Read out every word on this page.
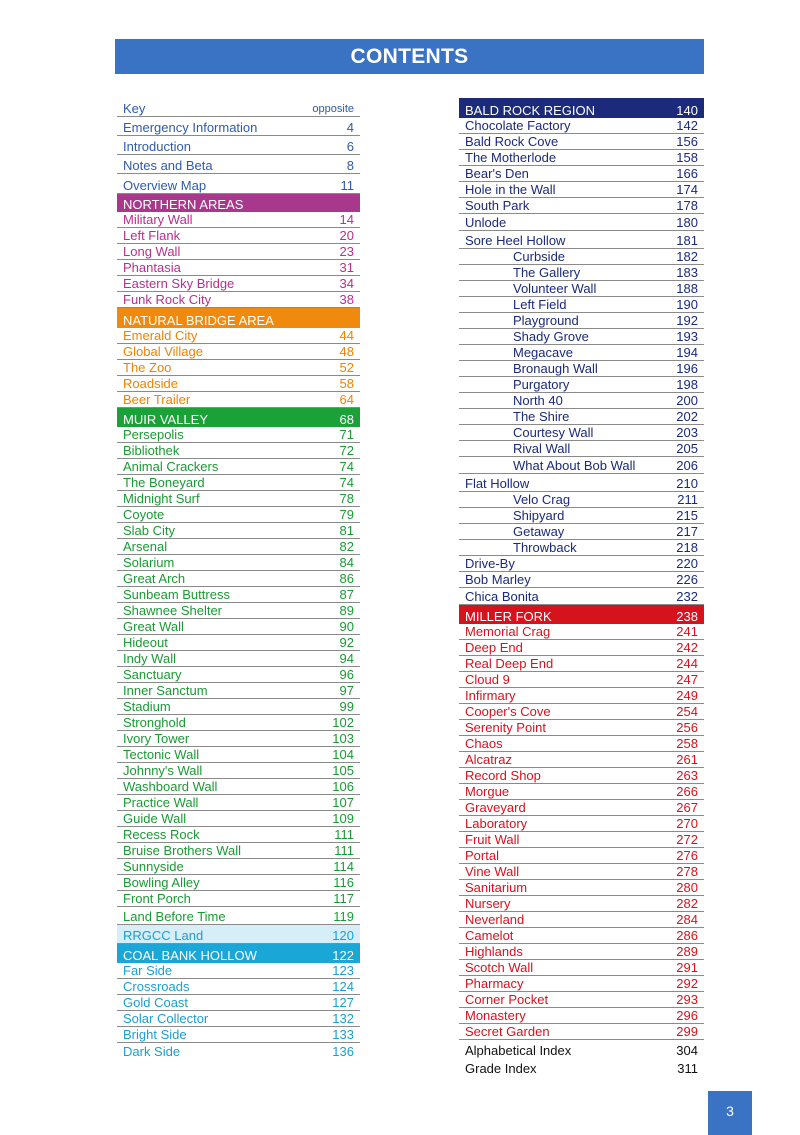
CONTENTS
Key	opposite
Emergency Information	4
Introduction	6
Notes and Beta	8
Overview Map	11
NORTHERN AREAS
Military Wall	14
Left Flank	20
Long Wall	23
Phantasia	31
Eastern Sky Bridge	34
Funk Rock City	38
NATURAL BRIDGE AREA
Emerald City	44
Global Village	48
The Zoo	52
Roadside	58
Beer Trailer	64
MUIR VALLEY	68
Persepolis	71
Bibliothek	72
Animal Crackers	74
The Boneyard	74
Midnight Surf	78
Coyote	79
Slab City	81
Arsenal	82
Solarium	84
Great Arch	86
Sunbeam Buttress	87
Shawnee Shelter	89
Great Wall	90
Hideout	92
Indy Wall	94
Sanctuary	96
Inner Sanctum	97
Stadium	99
Stronghold	102
Ivory Tower	103
Tectonic Wall	104
Johnny's Wall	105
Washboard Wall	106
Practice Wall	107
Guide Wall	109
Recess Rock	111
Bruise Brothers Wall	111
Sunnyside	114
Bowling Alley	116
Front Porch	117
Land Before Time	119
RRGCC Land	120
COAL BANK HOLLOW	122
Far Side	123
Crossroads	124
Gold Coast	127
Solar Collector	132
Bright Side	133
Dark Side	136
BALD ROCK REGION	140
Chocolate Factory	142
Bald Rock Cove	156
The Motherlode	158
Bear's Den	166
Hole in the Wall	174
South Park	178
Unlode	180
Sore Heel Hollow	181
Curbside	182
The Gallery	183
Volunteer Wall	188
Left Field	190
Playground	192
Shady Grove	193
Megacave	194
Bronaugh Wall	196
Purgatory	198
North 40	200
The Shire	202
Courtesy Wall	203
Rival Wall	205
What About Bob Wall	206
Flat Hollow	210
Velo Crag	211
Shipyard	215
Getaway	217
Throwback	218
Drive-By	220
Bob Marley	226
Chica Bonita	232
MILLER FORK	238
Memorial Crag	241
Deep End	242
Real Deep End	244
Cloud 9	247
Infirmary	249
Cooper's Cove	254
Serenity Point	256
Chaos	258
Alcatraz	261
Record Shop	263
Morgue	266
Graveyard	267
Laboratory	270
Fruit Wall	272
Portal	276
Vine Wall	278
Sanitarium	280
Nursery	282
Neverland	284
Camelot	286
Highlands	289
Scotch Wall	291
Pharmacy	292
Corner Pocket	293
Monastery	296
Secret Garden	299
Alphabetical Index	304
Grade Index	311
3
